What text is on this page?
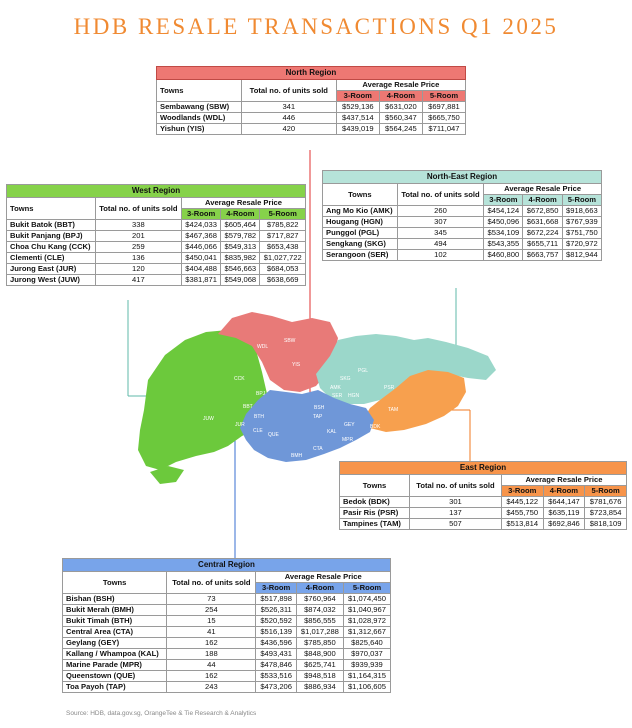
HDB RESALE TRANSACTIONS Q1 2025
SBW
WDL
YIS
CCK
BPJ
BBT
JUW
JUR
CLE
BTH
BSH
AMK
SKG
PGL
SER HGN
PSR
TAM
TAP
GEY
KAL
MPR
BDK
QUE
BMH
CTA
North Region				
Towns	Total no. of units sold	Average Resale Price		
		3-Room	4-Room	5-Room
Sembawang (SBW)	341	$529,136	$631,020	$697,881
Woodlands (WDL)	446	$437,514	$560,347	$665,750
Yishun (YIS)	420	$439,019	$564,245	$711,047
West Region				
Towns	Total no. of units sold	Average Resale Price		
		3-Room	4-Room	5-Room
Bukit Batok (BBT)	338	$424,033	$605,464	$785,822
Bukit Panjang (BPJ)	201	$467,368	$579,782	$717,827
Choa Chu Kang (CCK)	259	$446,066	$549,313	$653,438
Clementi (CLE)	136	$450,041	$835,982	$1,027,722
Jurong East (JUR)	120	$404,488	$546,663	$684,053
Jurong West (JUW)	417	$381,871	$549,068	$638,669
North-East Region				
Towns	Total no. of units sold	Average Resale Price		
		3-Room	4-Room	5-Room
Ang Mo Kio (AMK)	260	$454,124	$672,850	$918,663
Hougang (HGN)	307	$450,096	$631,668	$767,939
Punggol (PGL)	345	$534,109	$672,224	$751,750
Sengkang (SKG)	494	$543,355	$655,711	$720,972
Serangoon (SER)	102	$460,800	$663,757	$812,944
East Region				
Towns	Total no. of units sold	Average Resale Price		
		3-Room	4-Room	5-Room
Bedok (BDK)	301	$445,122	$644,147	$781,676
Pasir Ris (PSR)	137	$455,750	$635,119	$723,854
Tampines (TAM)	507	$513,814	$692,846	$818,109
Central Region				
Towns	Total no. of units sold	Average Resale Price		
		3-Room	4-Room	5-Room
Bishan (BSH)	73	$517,898	$760,964	$1,074,450
Bukit Merah (BMH)	254	$526,311	$874,032	$1,040,967
Bukit Timah (BTH)	15	$520,592	$856,555	$1,028,972
Central Area (CTA)	41	$516,139	$1,017,288	$1,312,667
Geylang (GEY)	162	$436,596	$785,850	$825,640
Kallang / Whampoa (KAL)	188	$493,431	$848,900	$970,037
Marine Parade (MPR)	44	$478,846	$625,741	$939,939
Queenstown (QUE)	162	$533,516	$948,518	$1,164,315
Toa Payoh (TAP)	243	$473,206	$886,934	$1,106,605
Source: HDB, data.gov.sg, OrangeTee & Tie Research & Analytics
